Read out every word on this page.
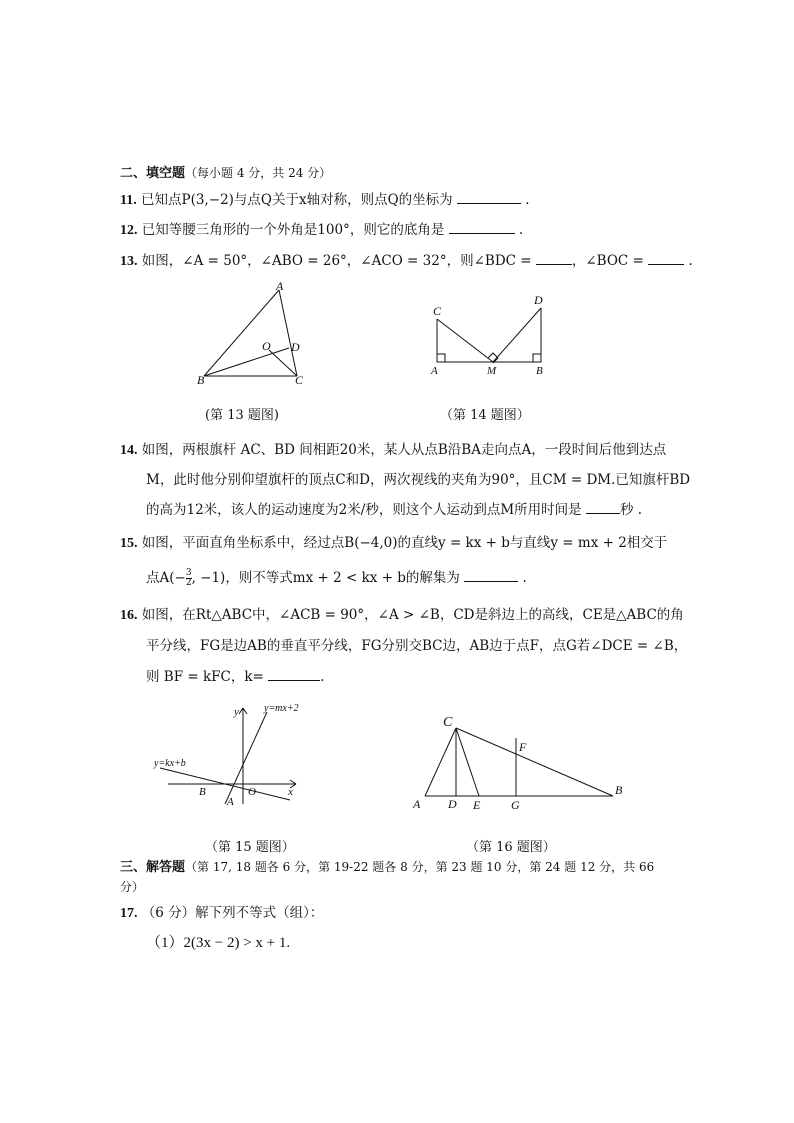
二、填空题（每小题 4 分，共 24 分）
11. 已知点P(3,−2)与点Q关于x轴对称，则点Q的坐标为	.
12. 已知等腰三角形的一个外角是100°，则它的底角是	.
13. 如图，∠A = 50°，∠ABO = 26°，∠ACO = 32°，则∠BDC =	，∠BOC =	.
A
O D
B	C
(第 13 题图)
C
D
A	M	B
（第 14 题图）
14. 如图，两根旗杆 AC、BD 间相距20米，某人从点B沿BA走向点A，一段时间后他到达点
M，此时他分别仰望旗杆的顶点C和D，两次视线的夹角为90°，且CM = DM.已知旗杆BD
的高为12米，该人的运动速度为2米/秒，则这个人运动到点M所用时间是	秒 .
15. 如图，平面直角坐标系中，经过点B(−4,0)的直线y = kx + b与直线y = mx + 2相交于
点$A(- \frac{3}{2}$ , −1)，则不等式mx + 2 < kx + b的解集为	.
16. 如图，在Rt△ABC中，∠ACB = 90°，∠A > ∠B，CD是斜边上的高线，CE是△ABC的角
平分线，FG是边AB的垂直平分线，FG分别交BC边，AB边于点F，点G若∠DCE = ∠B，
则 BF = kFC，k=	.
y	y=mx+2
y=kx+b
B	O	x
A
（第 15 题图）
C
F
A D E	G
B
（第 16 题图）
三、解答题（第 17, 18 题各 6 分，第 19-22 题各 8 分，第 23 题 10 分，第 24 题 12 分，共 66
分）
17. （6 分）解下列不等式（组）：
（1）2(3x − 2) > x + 1.
